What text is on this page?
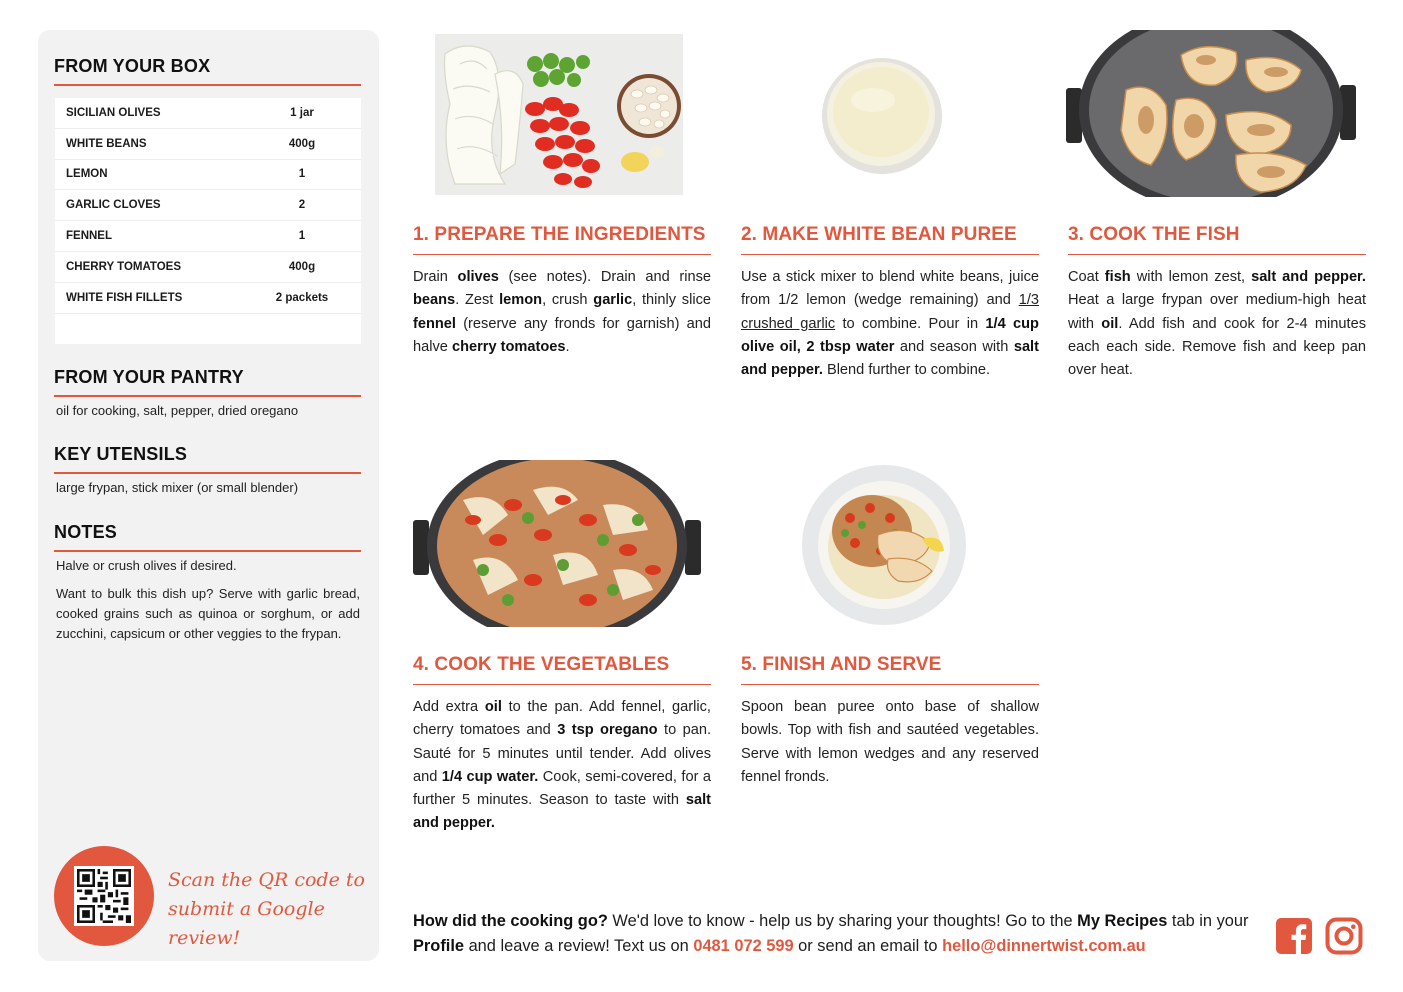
FROM YOUR BOX
SICILIAN OLIVES	1 jar
WHITE BEANS	400g
LEMON	1
GARLIC CLOVES	2
FENNEL	1
CHERRY TOMATOES	400g
WHITE FISH FILLETS	2 packets
FROM YOUR PANTRY
oil for cooking, salt, pepper, dried oregano
KEY UTENSILS
large frypan, stick mixer (or small blender)
NOTES
Halve or crush olives if desired.
Want to bulk this dish up? Serve with garlic bread, cooked grains such as quinoa or sorghum, or add zucchini, capsicum or other veggies to the frypan.
Scan the QR code to
submit a Google review!
1. PREPARE THE INGREDIENTS
Drain olives (see notes). Drain and rinse beans. Zest lemon, crush garlic, thinly slice fennel (reserve any fronds for garnish) and halve cherry tomatoes.
2. MAKE WHITE BEAN PUREE
Use a stick mixer to blend white beans, juice from 1/2 lemon (wedge remaining) and 1/3 crushed garlic to combine. Pour in 1/4 cup olive oil, 2 tbsp water and season with salt and pepper. Blend further to combine.
3. COOK THE FISH
Coat fish with lemon zest, salt and pepper. Heat a large frypan over medium-high heat with oil. Add fish and cook for 2-4 minutes each each side. Remove fish and keep pan over heat.
4. COOK THE VEGETABLES
Add extra oil to the pan. Add fennel, garlic, cherry tomatoes and 3 tsp oregano to pan. Sauté for 5 minutes until tender. Add olives and 1/4 cup water. Cook, semi-covered, for a further 5 minutes. Season to taste with salt and pepper.
5. FINISH AND SERVE
Spoon bean puree onto base of shallow bowls. Top with fish and sautéed vegetables. Serve with lemon wedges and any reserved fennel fronds.
How did the cooking go? We'd love to know - help us by sharing your thoughts! Go to the My Recipes tab in your Profile and leave a review! Text us on 0481 072 599 or send an email to hello@dinnertwist.com.au
